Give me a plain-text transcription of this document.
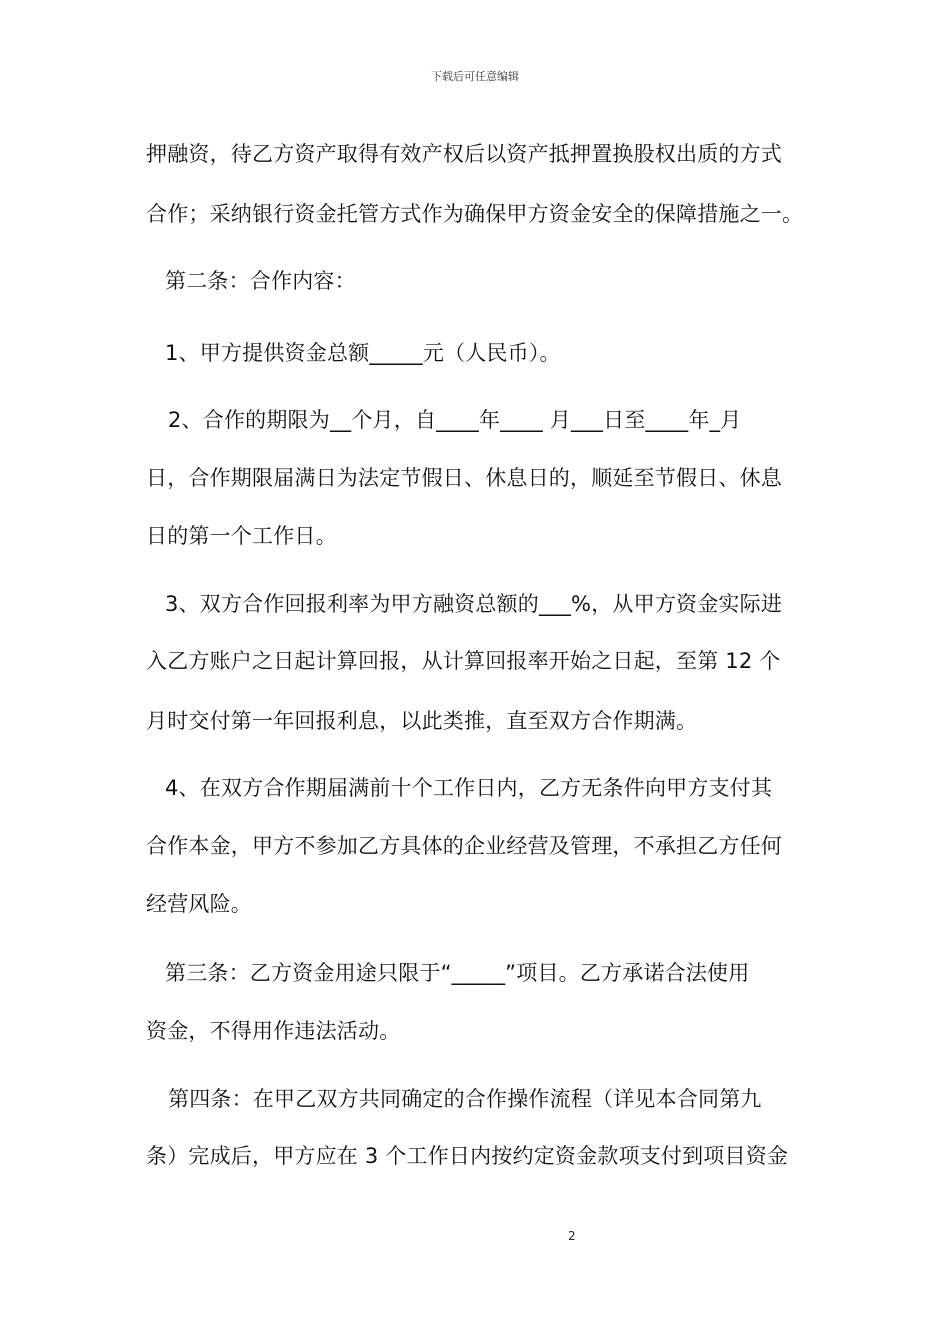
下载后可任意编辑
押融资，待乙方资产取得有效产权后以资产抵押置换股权出质的方式
合作；采纳银行资金托管方式作为确保甲方资金安全的保障措施之一。
第二条：合作内容：
1、甲方提供资金总额_____元（人民币）。
2、合作的期限为__个月，自____年____ 月___日至____年_月
日，合作期限届满日为法定节假日、休息日的，顺延至节假日、休息
日的第一个工作日。
3、双方合作回报利率为甲方融资总额的___%，从甲方资金实际进
入乙方账户之日起计算回报，从计算回报率开始之日起，至第 12 个
月时交付第一年回报利息，以此类推，直至双方合作期满。
4、在双方合作期届满前十个工作日内，乙方无条件向甲方支付其
合作本金，甲方不参加乙方具体的企业经营及管理，不承担乙方任何
经营风险。
第三条：乙方资金用途只限于“_____”项目。乙方承诺合法使用
资金，不得用作违法活动。
第四条：在甲乙双方共同确定的合作操作流程（详见本合同第九
条）完成后，甲方应在 3 个工作日内按约定资金款项支付到项目资金
2
